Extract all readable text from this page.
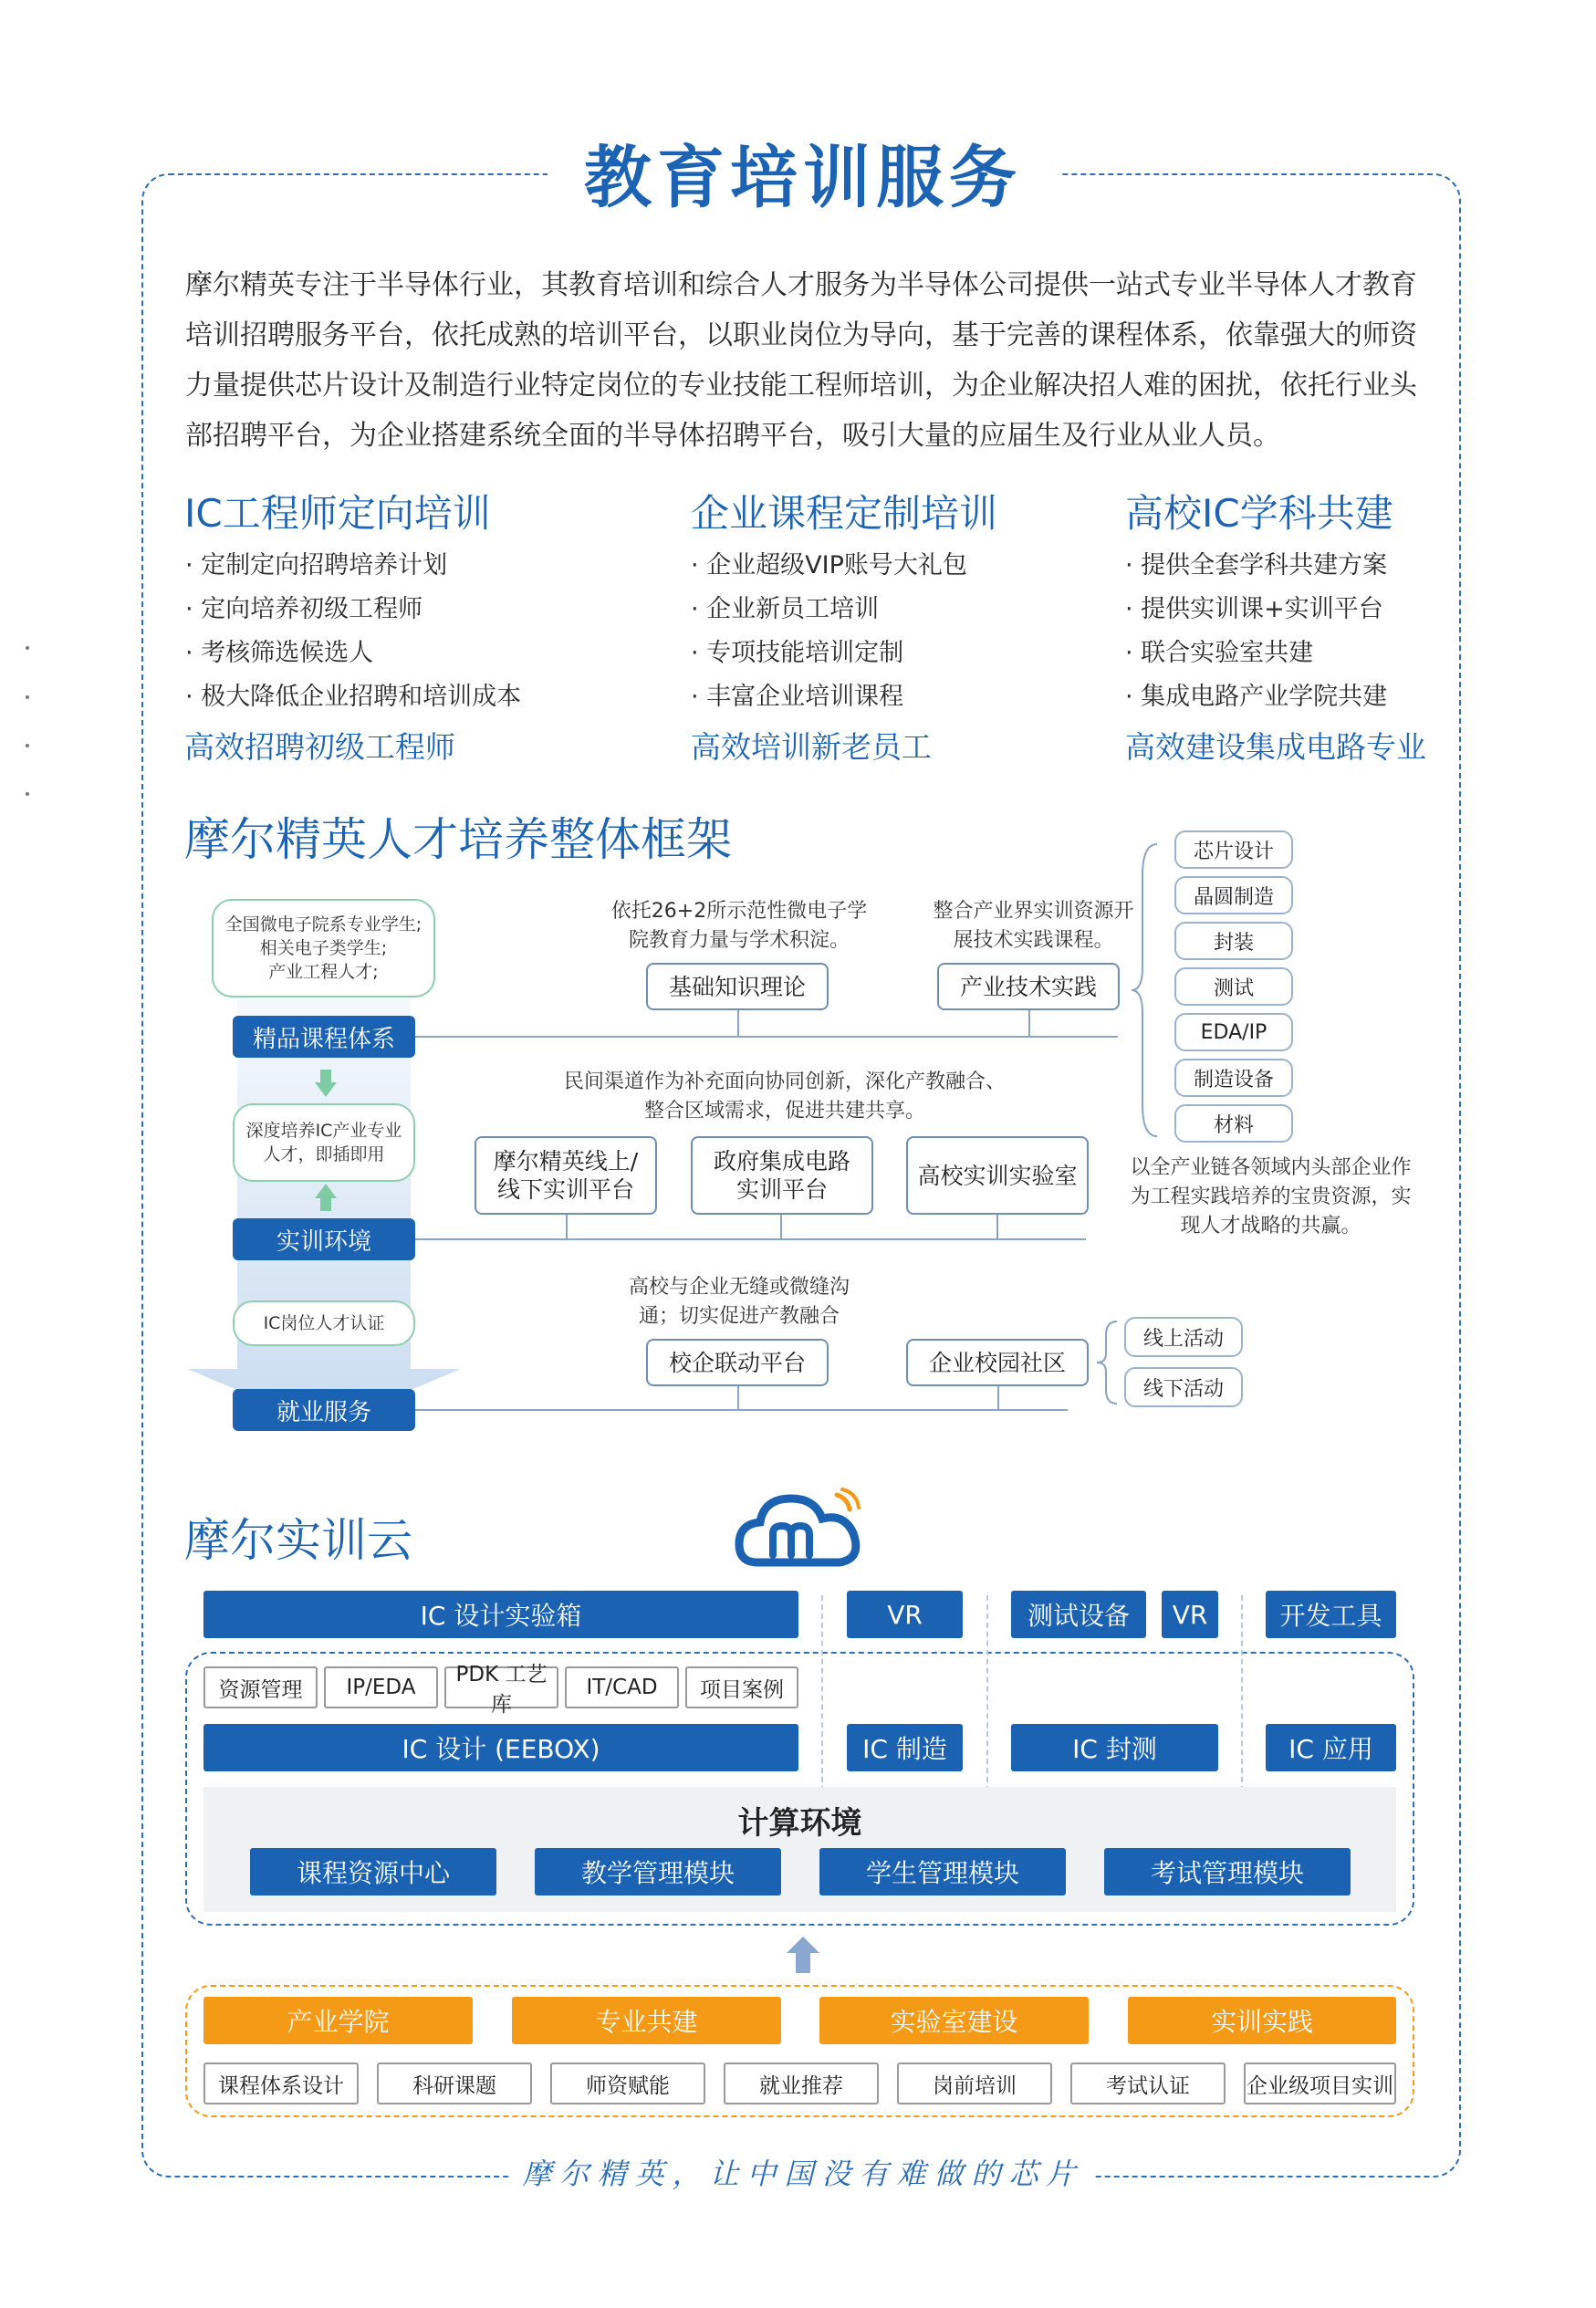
教育培训服务
摩尔精英专注于半导体行业，其教育培训和综合人才服务为半导体公司提供一站式专业半导体人才教育培训招聘服务平台，依托成熟的培训平台，以职业岗位为导向，基于完善的课程体系，依靠强大的师资力量提供芯片设计及制造行业特定岗位的专业技能工程师培训，为企业解决招人难的困扰，依托行业头部招聘平台，为企业搭建系统全面的半导体招聘平台，吸引大量的应届生及行业从业人员。
IC工程师定向培训
· 定制定向招聘培养计划
· 定向培养初级工程师
· 考核筛选候选人
· 极大降低企业招聘和培训成本
高效招聘初级工程师
企业课程定制培训
· 企业超级VIP账号大礼包
· 企业新员工培训
· 专项技能培训定制
· 丰富企业培训课程
高效培训新老员工
高校IC学科共建
· 提供全套学科共建方案
· 提供实训课+实训平台
· 联合实验室共建
· 集成电路产业学院共建
高效建设集成电路专业
摩尔精英人才培养整体框架
全国微电子院系专业学生;
相关电子类学生;
产业工程人才;
精品课程体系
深度培养IC产业专业
人才，即插即用
实训环境
IC岗位人才认证
就业服务
依托26+2所示范性微电子学
院教育力量与学术积淀。
基础知识理论
整合产业界实训资源开
展技术实践课程。
产业技术实践
芯片设计
晶圆制造
封装
测试
EDA/IP
制造设备
材料
以全产业链各领域内头部企业作
为工程实践培养的宝贵资源，实
现人才战略的共赢。
民间渠道作为补充面向协同创新，深化产教融合、
整合区域需求，促进共建共享。
摩尔精英线上/
线下实训平台
政府集成电路
实训平台
高校实训实验室
高校与企业无缝或微缝沟
通；切实促进产教融合
校企联动平台	企业校园社区
线上活动
线下活动
摩尔实训云
IC 设计实验箱	VR	测试设备	VR	开发工具
资源管理	IP/EDA
PDK 工艺库
IT/CAD	项目案例
IC 设计 (EEBOX)	IC 制造	IC 封测	IC 应用
计算环境
课程资源中心	教学管理模块	学生管理模块	考试管理模块
产业学院	专业共建	实验室建设	实训实践
课程体系设计	科研课题	师资赋能	就业推荐	岗前培训	考试认证	企业级项目实训
摩尔精英，让中国没有难做的芯片
